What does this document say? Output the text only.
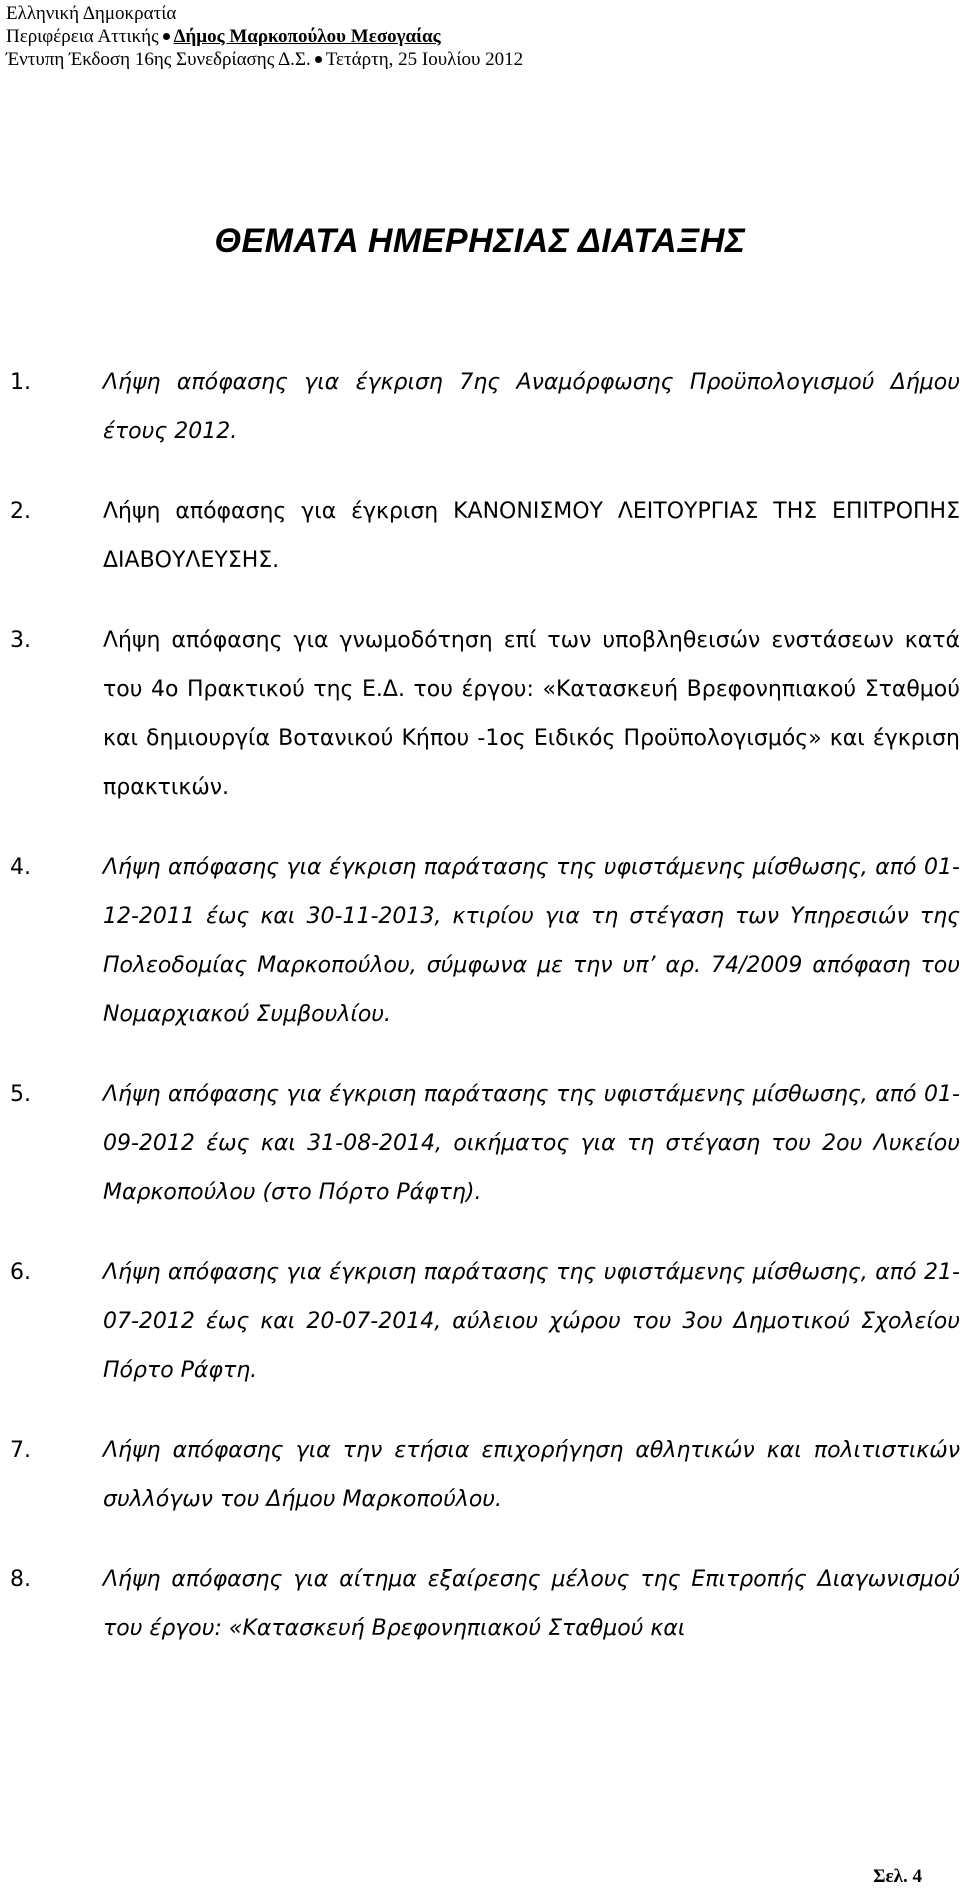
Ελληνική Δημοκρατία
Περιφέρεια Αττικής Δήμος Μαρκοπούλου Μεσογαίας
Έντυπη Έκδοση 16ης Συνεδρίασης Δ.Σ. Τετάρτη, 25 Ιουλίου 2012
ΘΕΜΑΤΑ ΗΜΕΡΗΣΙΑΣ ΔΙΑΤΑΞΗΣ
1.	Λήψη απόφασης για έγκριση 7ης Αναμόρφωσης Προϋπολογισμού Δήμου έτους 2012.
2.	Λήψη απόφασης για έγκριση ΚΑΝΟΝΙΣΜΟΥ ΛΕΙΤΟΥΡΓΙΑΣ ΤΗΣ ΕΠΙΤΡΟΠΗΣ ΔΙΑΒΟΥΛΕΥΣΗΣ.
3.	Λήψη απόφασης για γνωμοδότηση επί των υποβληθεισών ενστάσεων κατά του 4ο Πρακτικού της Ε.Δ. του έργου: «Κατασκευή Βρεφονηπιακού Σταθμού και δημιουργία Βοτανικού Κήπου -1ος Ειδικός Προϋπολογισμός» και έγκριση πρακτικών.
4.	Λήψη απόφασης για έγκριση παράτασης της υφιστάμενης μίσθωσης, από 01-12-2011 έως και 30-11-2013, κτιρίου για τη στέγαση των Υπηρεσιών της Πολεοδομίας Μαρκοπούλου, σύμφωνα με την υπ’ αρ. 74/2009 απόφαση του Νομαρχιακού Συμβουλίου.
5.	Λήψη απόφασης για έγκριση παράτασης της υφιστάμενης μίσθωσης, από 01-09-2012 έως και 31-08-2014, οικήματος για τη στέγαση του 2ου Λυκείου Μαρκοπούλου (στο Πόρτο Ράφτη).
6.	Λήψη απόφασης για έγκριση παράτασης της υφιστάμενης μίσθωσης, από 21-07-2012 έως και 20-07-2014, αύλειου χώρου του 3ου Δημοτικού Σχολείου Πόρτο Ράφτη.
7.	Λήψη απόφασης για την ετήσια επιχορήγηση αθλητικών και πολιτιστικών συλλόγων του Δήμου Μαρκοπούλου.
8.	Λήψη απόφασης για αίτημα εξαίρεσης μέλους της Επιτροπής Διαγωνισμού του έργου: «Κατασκευή Βρεφονηπιακού Σταθμού και
Σελ. 4
